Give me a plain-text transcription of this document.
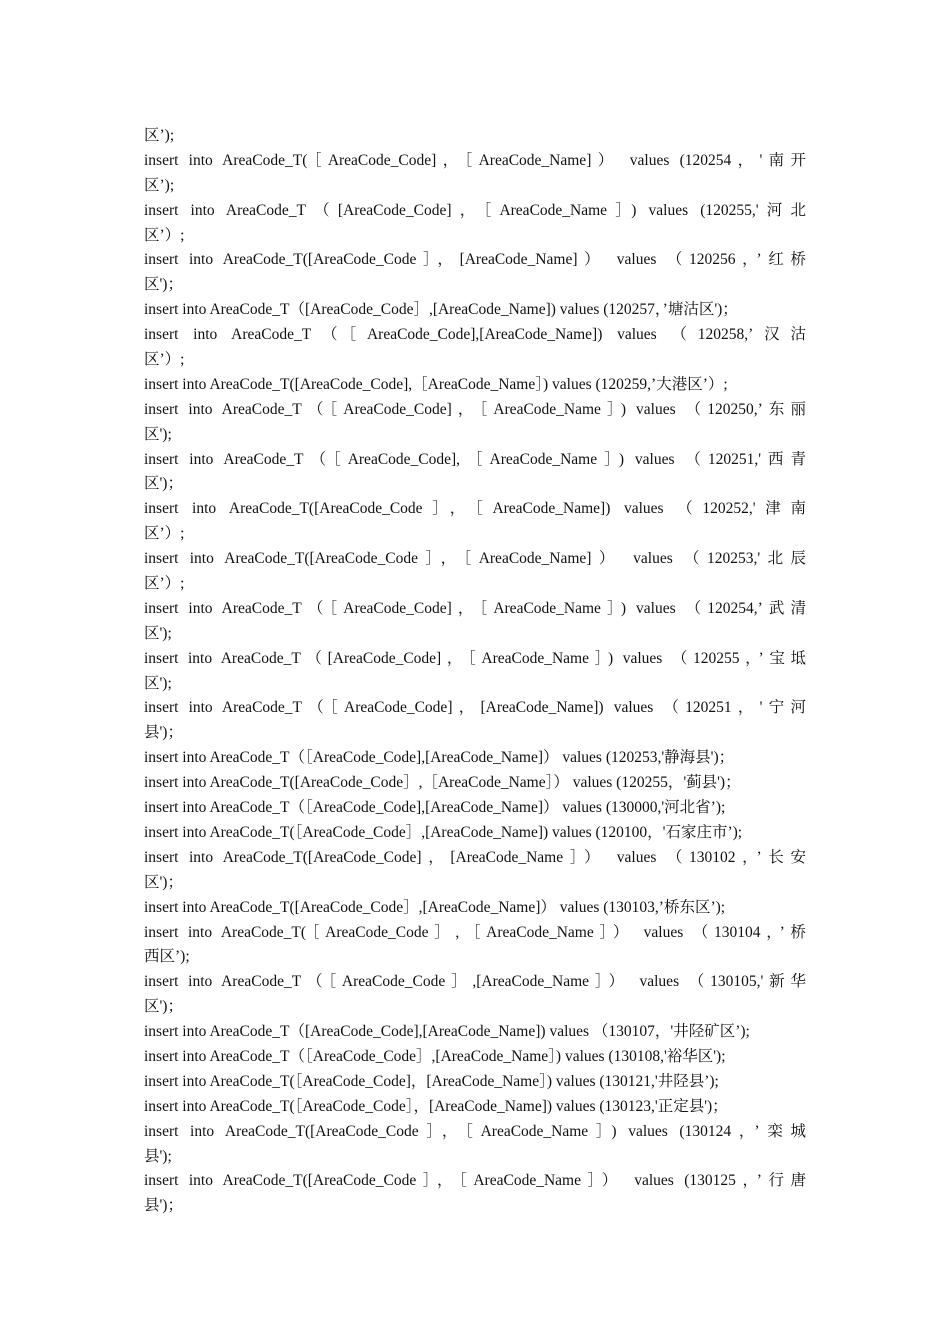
区’);
insert into AreaCode_T(［AreaCode_Code]，［AreaCode_Name]） values (120254，'南开
区’);
insert into AreaCode_T（[AreaCode_Code]，［AreaCode_Name］) values (120255,'河北
区’）;
insert into AreaCode_T([AreaCode_Code］，[AreaCode_Name]） values （120256，’红桥
区')；
insert into AreaCode_T（[AreaCode_Code］,[AreaCode_Name]) values (120257，’塘沽区')；
insert into AreaCode_T（［AreaCode_Code],[AreaCode_Name]) values （120258,’汉沽
区’）;
insert into AreaCode_T([AreaCode_Code],［AreaCode_Name］) values (120259,’大港区’）;
insert into AreaCode_T（［AreaCode_Code]，［AreaCode_Name］) values （120250,’东丽
区');
insert into AreaCode_T（［AreaCode_Code],［AreaCode_Name］) values （120251,'西青
区')；
insert into AreaCode_T([AreaCode_Code］，［AreaCode_Name]) values （120252,'津南
区’）;
insert into AreaCode_T([AreaCode_Code］，［AreaCode_Name]） values （120253,'北辰
区’）;
insert into AreaCode_T（［AreaCode_Code]，［AreaCode_Name］) values （120254,’武清
区');
insert into AreaCode_T（[AreaCode_Code]，［AreaCode_Name］) values （120255，’宝坻
区');
insert into AreaCode_T（［AreaCode_Code]，[AreaCode_Name]) values （120251，'宁河
县')；
insert into AreaCode_T（［AreaCode_Code],[AreaCode_Name]） values (120253,'静海县')；
insert into AreaCode_T([AreaCode_Code］,［AreaCode_Name］） values (120255，'蓟县')；
insert into AreaCode_T（［AreaCode_Code],[AreaCode_Name]） values (130000,'河北省’);
insert into AreaCode_T(［AreaCode_Code］,[AreaCode_Name]) values (120100，'石家庄市’);
insert into AreaCode_T([AreaCode_Code]，[AreaCode_Name］） values （130102，’长安
区')；
insert into AreaCode_T([AreaCode_Code］,[AreaCode_Name]） values (130103,’桥东区’);
insert into AreaCode_T(［AreaCode_Code］,［AreaCode_Name］） values （130104，’桥
西区’);
insert into AreaCode_T（［AreaCode_Code］,[AreaCode_Name］） values （130105,'新华
区')；
insert into AreaCode_T（[AreaCode_Code],[AreaCode_Name]) values （130107，'井陉矿区’);
insert into AreaCode_T（［AreaCode_Code］,[AreaCode_Name］) values (130108,'裕华区');
insert into AreaCode_T(［AreaCode_Code]，[AreaCode_Name］) values (130121,'井陉县’);
insert into AreaCode_T(［AreaCode_Code］，[AreaCode_Name]) values (130123,'正定县')；
insert into AreaCode_T([AreaCode_Code］，［AreaCode_Name］) values (130124，’栾城
县');
insert into AreaCode_T([AreaCode_Code］，［AreaCode_Name］） values (130125，’行唐
县')；
